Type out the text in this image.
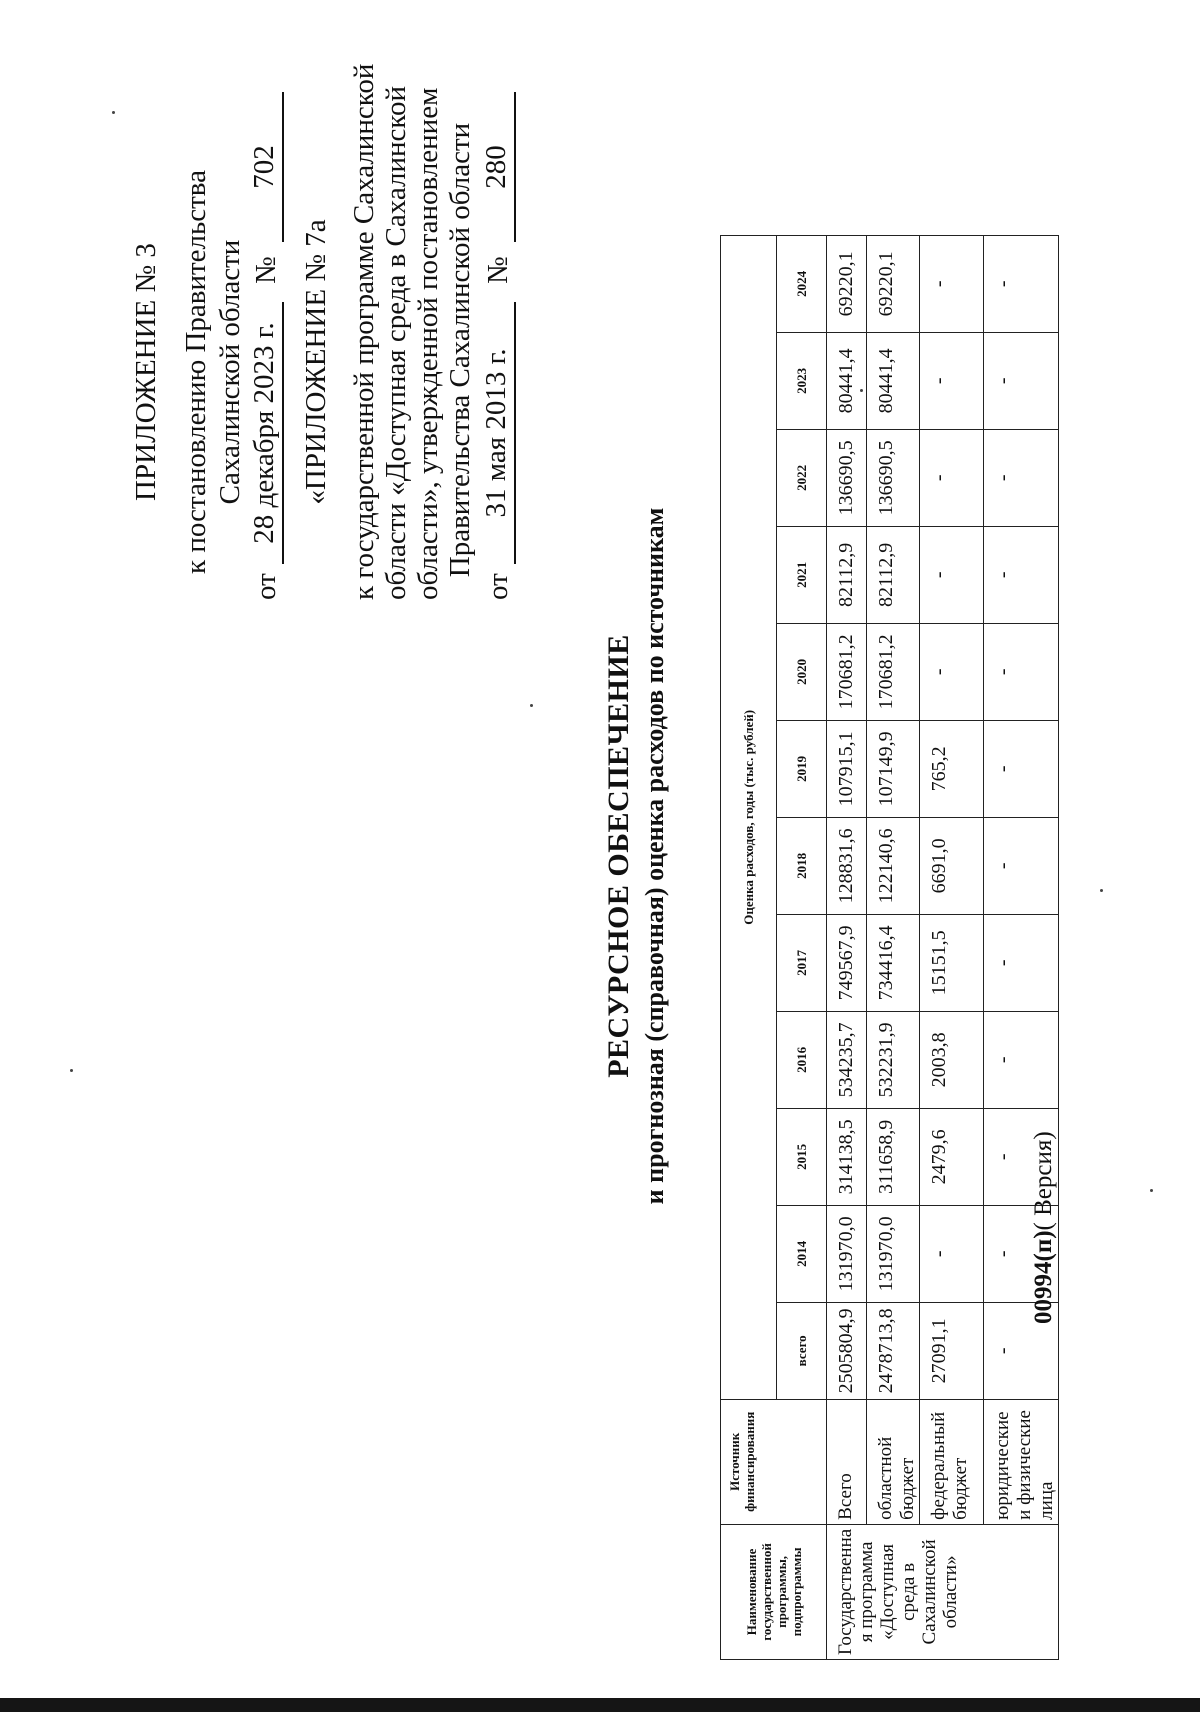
ПРИЛОЖЕНИЕ № 3 к постановлению Правительства Сахалинской области
от
28 декабря 2023 г.
№
702
«ПРИЛОЖЕНИЕ № 7а к государственной программе Сахалинской области «Доступная среда в Сахалинской области», утвержденной постановлением Правительства Сахалинской области
от
31 мая 2013 г.
№
280
РЕСУРСНОЕ ОБЕСПЕЧЕНИЕ и прогнозная (справочная) оценка расходов по источникам
Наименование государственной программы, подпрограммы	Источник финансирования	Оценка расходов, годы (тыс. рублей)											
		всего	2014	2015	2016	2017	2018	2019	2020	2021	2022	2023	2024
Государственна я программа «Доступная среда в Сахалинской области»	Всего	2505804,9	131970,0	314138,5	534235,7	749567,9	128831,6	107915,1	170681,2	82112,9	136690,5	80441,4	69220,1
	областной бюджет	2478713,8	131970,0	311658,9	532231,9	734416,4	122140,6	107149,9	170681,2	82112,9	136690,5	80441,4	69220,1
	федеральный бюджет	27091,1	-	2479,6	2003,8	15151,5	6691,0	765,2	-	-	-	-	-
	юридические и физические лица	-	-	-	-	-	-	-	-	-	-	-	-
00994(п)( Версия)
